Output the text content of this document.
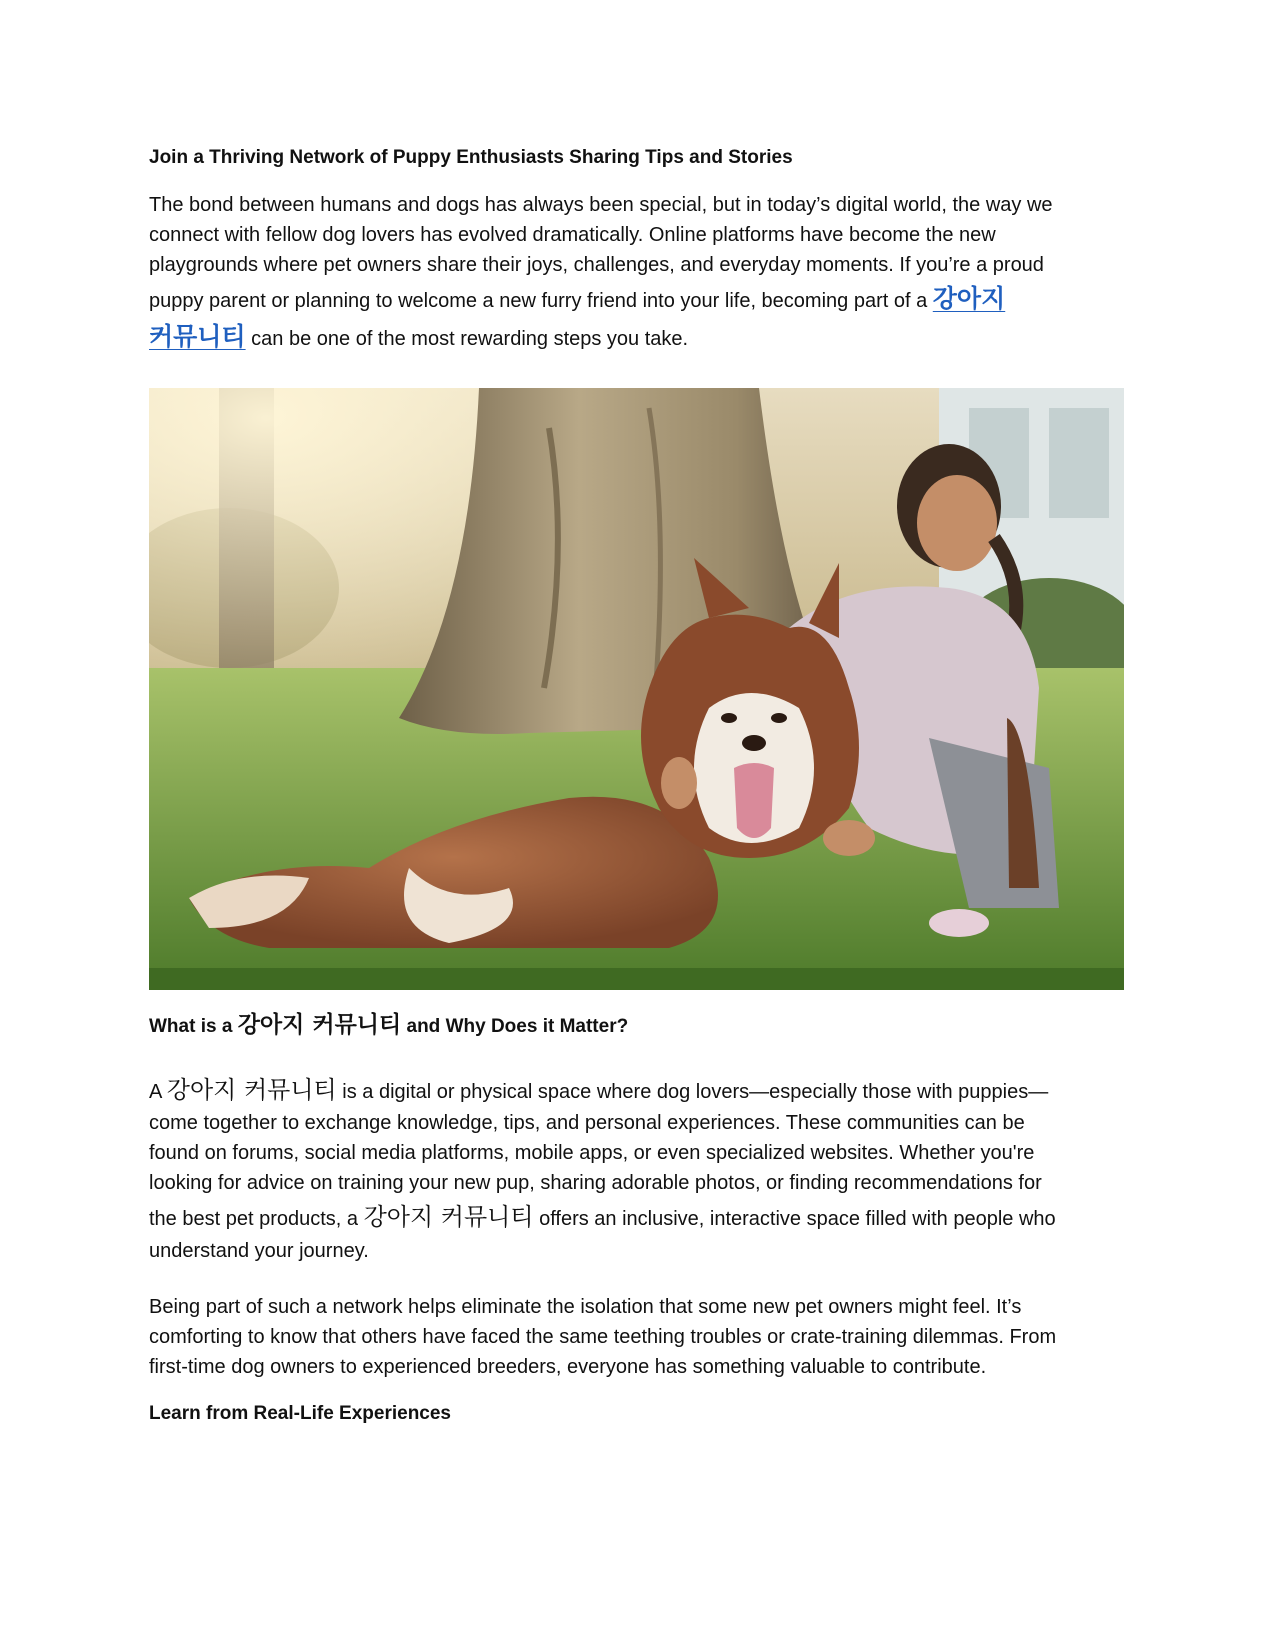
Join a Thriving Network of Puppy Enthusiasts Sharing Tips and Stories
The bond between humans and dogs has always been special, but in today’s digital world, the way we
connect with fellow dog lovers has evolved dramatically. Online platforms have become the new
playgrounds where pet owners share their joys, challenges, and everyday moments. If you’re a proud
puppy parent or planning to welcome a new furry friend into your life, becoming part of a 강아지
커뮤니티 can be one of the most rewarding steps you take.
What is a 강아지 커뮤니티 and Why Does it Matter?
A 강아지 커뮤니티 is a digital or physical space where dog lovers—especially those with puppies—
come together to exchange knowledge, tips, and personal experiences. These communities can be
found on forums, social media platforms, mobile apps, or even specialized websites. Whether you're
looking for advice on training your new pup, sharing adorable photos, or finding recommendations for
the best pet products, a 강아지 커뮤니티 offers an inclusive, interactive space filled with people who
understand your journey.
Being part of such a network helps eliminate the isolation that some new pet owners might feel. It’s
comforting to know that others have faced the same teething troubles or crate-training dilemmas. From
first-time dog owners to experienced breeders, everyone has something valuable to contribute.
Learn from Real-Life Experiences
